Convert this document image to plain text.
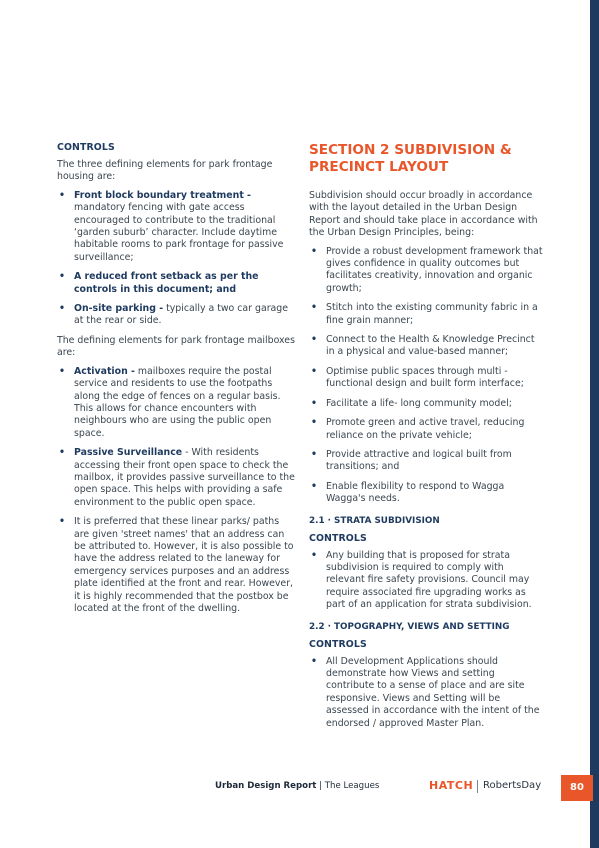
CONTROLS

The three defining elements for park frontage housing are:

• Front block boundary treatment - mandatory fencing with gate access encouraged to contribute to the traditional ‘garden suburb’ character. Include daytime habitable rooms to park frontage for passive surveillance;
• A reduced front setback as per the controls in this document; and
• On-site parking - typically a two car garage at the rear or side.

The defining elements for park frontage mailboxes are:

• Activation - mailboxes require the postal service and residents to use the footpaths along the edge of fences on a regular basis. This allows for chance encounters with neighbours who are using the public open space.
• Passive Surveillance - With residents accessing their front open space to check the mailbox, it provides passive surveillance to the open space. This helps with providing a safe environment to the public open space.
• It is preferred that these linear parks/ paths are given 'street names' that an address can be attributed to. However, it is also possible to have the address related to the laneway for emergency services purposes and an address plate identified at the front and rear. However, it is highly recommended that the postbox be located at the front of the dwelling.
SECTION 2 SUBDIVISION & PRECINCT LAYOUT

Subdivision should occur broadly in accordance with the layout detailed in the Urban Design Report and should take place in accordance with the Urban Design Principles, being:

• Provide a robust development framework that gives confidence in quality outcomes but facilitates creativity, innovation and organic growth;
• Stitch into the existing community fabric in a fine grain manner;
• Connect to the Health & Knowledge Precinct in a physical and value-based manner;
• Optimise public spaces through multi -functional design and built form interface;
• Facilitate a life- long community model;
• Promote green and active travel, reducing reliance on the private vehicle;
• Provide attractive and logical built from transitions; and
• Enable flexibility to respond to Wagga Wagga's needs.
2.1 · STRATA SUBDIVISION
CONTROLS
• Any building that is proposed for strata subdivision is required to comply with relevant fire safety provisions. Council may require associated fire upgrading works as part of an application for strata subdivision.
2.2 · TOPOGRAPHY, VIEWS AND SETTING
CONTROLS
• All Development Applications should demonstrate how Views and setting contribute to a sense of place and are site responsive. Views and Setting will be assessed in accordance with the intent of the endorsed / approved Master Plan.
Urban Design Report | The Leagues	HATCH RobertsDay	80
